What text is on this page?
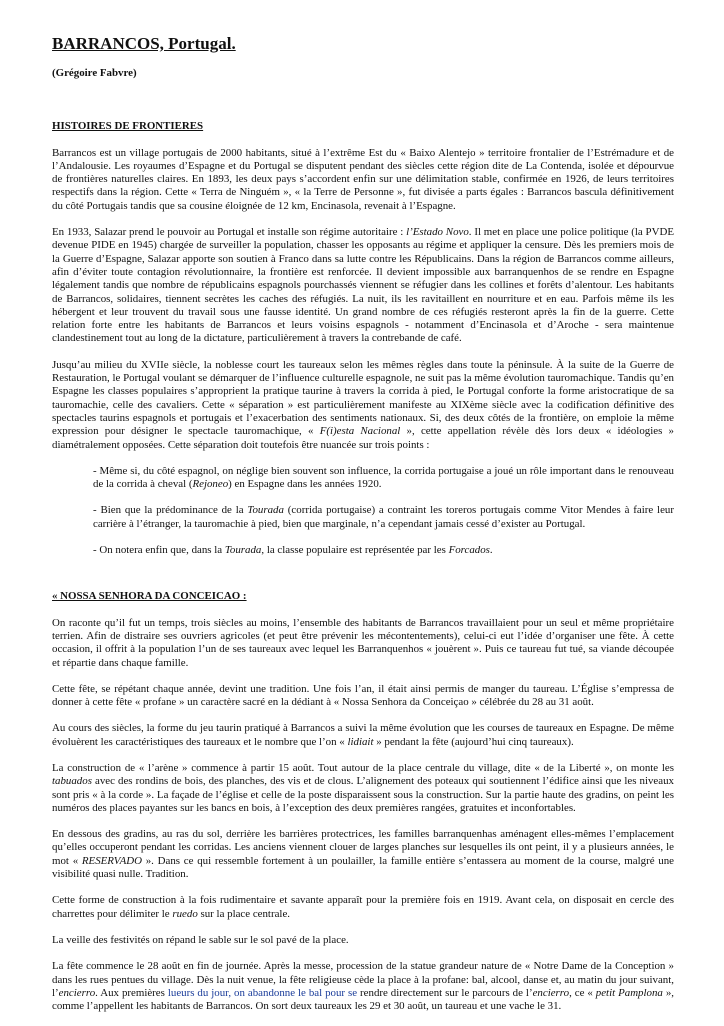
BARRANCOS, Portugal.
(Grégoire Fabvre)
HISTOIRES DE FRONTIERES

Barrancos est un village portugais de 2000 habitants, situé à l’extrême Est du « Baixo Alentejo » territoire frontalier de l’Estrémadure et de l’Andalousie. Les royaumes d’Espagne et du Portugal se disputent pendant des siècles cette région dite de La Contenda, isolée et dépourvue de frontières naturelles claires. En 1893, les deux pays s’accordent enfin sur une délimitation stable, confirmée en 1926, de leurs territoires respectifs dans la région. Cette « Terra de Ninguém », « la Terre de Personne », fut divisée a parts égales : Barrancos bascula définitivement du côté Portugais tandis que sa cousine éloignée de 12 km, Encinasola, revenait à l’Espagne.

En 1933, Salazar prend le pouvoir au Portugal et installe son régime autoritaire : l’Estado Novo. Il met en place une police politique (la PVDE devenue PIDE en 1945) chargée de surveiller la population, chasser les opposants au régime et appliquer la censure. Dès les premiers mois de la Guerre d’Espagne, Salazar apporte son soutien à Franco dans sa lutte contre les Républicains. Dans la région de Barrancos comme ailleurs, afin d’éviter toute contagion révolutionnaire, la frontière est renforcée. Il devient impossible aux barranquenhos de se rendre en Espagne légalement tandis que nombre de républicains espagnols pourchassés viennent se réfugier dans les collines et forêts d’alentour. Les habitants de Barrancos, solidaires, tiennent secrètes les caches des réfugiés. La nuit, ils les ravitaillent en nourriture et en eau. Parfois même ils les hébergent et leur trouvent du travail sous une fausse identité. Un grand nombre de ces réfugiés resteront après la fin de la guerre. Cette relation forte entre les habitants de Barrancos et leurs voisins espagnols - notamment d’Encinasola et d’Aroche - sera maintenue clandestinement tout au long de la dictature, particulièrement à travers la contrebande de café.

Jusqu’au milieu du XVIIe siècle, la noblesse court les taureaux selon les mêmes règles dans toute la péninsule. À la suite de la Guerre de Restauration, le Portugal voulant se démarquer de l’influence culturelle espagnole, ne suit pas la même évolution tauromachique. Tandis qu’en Espagne les classes populaires s’approprient la pratique taurine à travers la corrida à pied, le Portugal conforte la forme aristocratique de sa tauromachie, celle des cavaliers. Cette « séparation » est particulièrement manifeste au XIXème siècle avec la codification définitive des spectacles taurins espagnols et portugais et l’exacerbation des sentiments nationaux. Si, des deux côtés de la frontière, on emploie la même expression pour désigner le spectacle tauromachique, « F(i)esta Nacional », cette appellation révèle dès lors deux « idéologies » diamétralement opposées. Cette séparation doit toutefois être nuancée sur trois points :

- Même si, du côté espagnol, on néglige bien souvent son influence, la corrida portugaise a joué un rôle important dans le renouveau de la corrida à cheval (Rejoneo) en Espagne dans les années 1920.

- Bien que la prédominance de la Tourada (corrida portugaise) a contraint les toreros portugais comme Vitor Mendes à faire leur carrière à l’étranger, la tauromachie à pied, bien que marginale, n’a cependant jamais cessé d’exister au Portugal.

- On notera enfin que, dans la Tourada, la classe populaire est représentée par les Forcados.

« NOSSA SENHORA DA CONCEICAO :

On raconte qu’il fut un temps, trois siècles au moins, l’ensemble des habitants de Barrancos travaillaient pour un seul et même propriétaire terrien. Afin de distraire ses ouvriers agricoles (et peut être prévenir les mécontentements), celui-ci eut l’idée d’organiser une fête. À cette occasion, il offrit à la population l’un de ses taureaux avec lequel les Barranquenhos « jouèrent ». Puis ce taureau fut tué, sa viande découpée et répartie dans chaque famille.

Cette fête, se répétant chaque année, devint une tradition. Une fois l’an, il était ainsi permis de manger du taureau. L’Église s’empressa de donner à cette fête « profane » un caractère sacré en la dédiant à « Nossa Senhora da Conceiçao » célébrée du 28 au 31 août.

Au cours des siècles, la forme du jeu taurin pratiqué à Barrancos a suivi la même évolution que les courses de taureaux en Espagne. De même évoluèrent les caractéristiques des taureaux et le nombre que l’on « lidiait » pendant la fête (aujourd’hui cinq taureaux).

La construction de « l’arène » commence à partir 15 août. Tout autour de la place centrale du village, dite « de la Liberté », on monte les tabuados avec des rondins de bois, des planches, des vis et de clous. L’alignement des poteaux qui soutiennent l’édifice ainsi que les niveaux sont pris « à la corde ». La façade de l’église et celle de la poste disparaissent sous la construction. Sur la partie haute des gradins, on peint les numéros des places payantes sur les bancs en bois, à l’exception des deux premières rangées, gratuites et inconfortables.

En dessous des gradins, au ras du sol, derrière les barrières protectrices, les familles barranquenhas aménagent elles-mêmes l’emplacement qu’elles occuperont pendant les corridas. Les anciens viennent clouer de larges planches sur lesquelles ils ont peint, il y a plusieurs années, le mot « RESERVADO ». Dans ce qui ressemble fortement à un poulailler, la famille entière s’entassera au moment de la course, malgré une visibilité quasi nulle. Tradition.

Cette forme de construction à la fois rudimentaire et savante apparaît pour la première fois en 1919. Avant cela, on disposait en cercle des charrettes pour délimiter le ruedo sur la place centrale.

La veille des festivités on répand le sable sur le sol pavé de la place.

La fête commence le 28 août en fin de journée. Après la messe, procession de la statue grandeur nature de « Notre Dame de la Conception » dans les rues pentues du village. Dès la nuit venue, la fête religieuse cède la place à la profane: bal, alcool, danse et, au matin du jour suivant, l’encierro. Aux premières lueurs du jour, on abandonne le bal pour se rendre directement sur le parcours de l’encierro, ce « petit Pamplona », comme l’appellent les habitants de Barrancos. On sort deux taureaux les 29 et 30 août, un taureau et une vache le 31.
